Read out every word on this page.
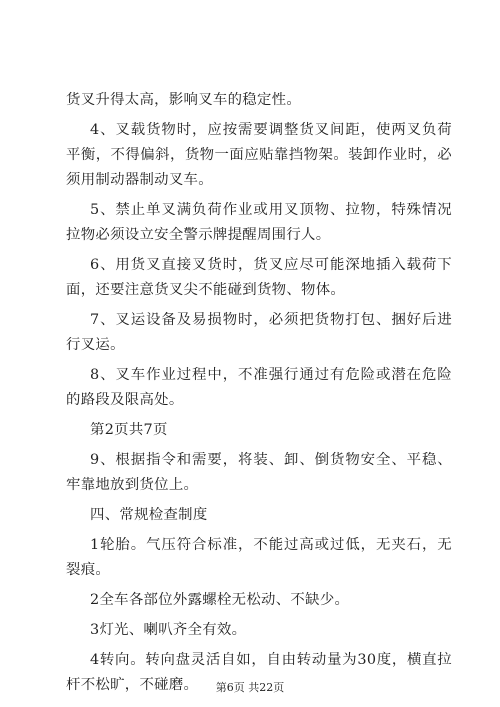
货叉升得太高，影响叉车的稳定性。

4、叉载货物时，应按需要调整货叉间距，使两叉负荷平衡，不得偏斜，货物一面应贴靠挡物架。装卸作业时，必须用制动器制动叉车。

5、禁止单叉满负荷作业或用叉顶物、拉物，特殊情况拉物必须设立安全警示牌提醒周围行人。

6、用货叉直接叉货时，货叉应尽可能深地插入载荷下面，还要注意货叉尖不能碰到货物、物体。

7、叉运设备及易损物时，必须把货物打包、捆好后进行叉运。

8、叉车作业过程中，不准强行通过有危险或潜在危险的路段及限高处。

第2页共7页

9、根据指令和需要，将装、卸、倒货物安全、平稳、牢靠地放到货位上。

四、常规检查制度

1轮胎。气压符合标准，不能过高或过低，无夹石，无裂痕。

2全车各部位外露螺栓无松动、不缺少。

3灯光、喇叭齐全有效。

4转向。转向盘灵活自如，自由转动量为30度，横直拉杆不松旷，不碰磨。	第6页 共22页
